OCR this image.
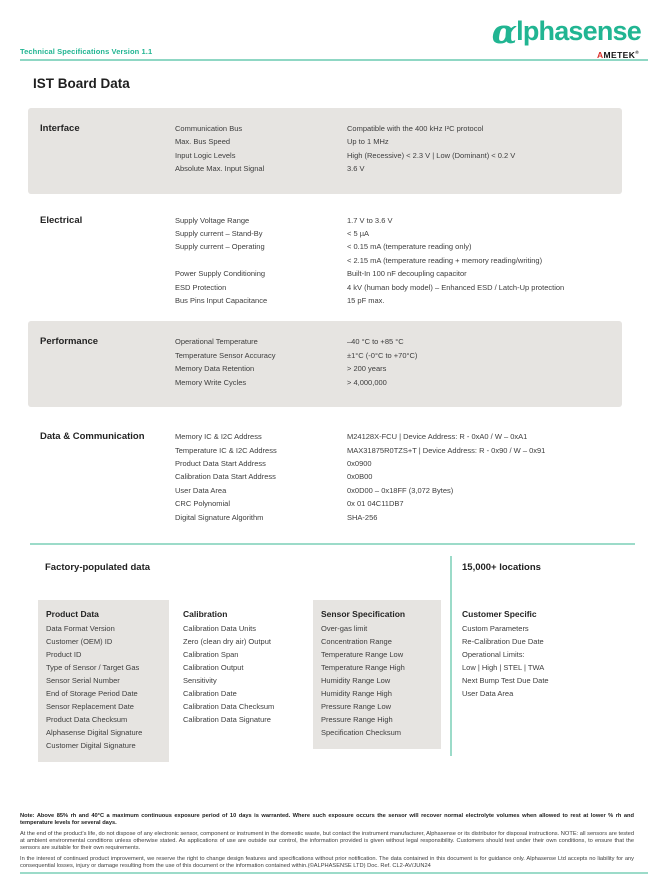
Technical Specifications Version 1.1
α lphasense
AMETEK®
IST Board Data
Interface	Communication Bus	Compatible with the 400 kHz I²C protocol
Max. Bus Speed	Up to 1 MHz
Input Logic Levels	High (Recessive) < 2.3 V | Low (Dominant) < 0.2 V
Absolute Max. Input Signal	3.6 V
Electrical	Supply Voltage Range	1.7 V to 3.6 V
Supply current – Stand-By	< 5 µA
Supply current – Operating	< 0.15 mA (temperature reading only)
< 2.15 mA (temperature reading + memory reading/writing)
Power Supply Conditioning	Built-In 100 nF decoupling capacitor
ESD Protection	4 kV (human body model) – Enhanced ESD / Latch-Up protection
Bus Pins Input Capacitance	15 pF max.
Performance	Operational Temperature	–40 °C to +85 °C
Temperature Sensor Accuracy	±1°C (-0°C to +70°C)
Memory Data Retention	> 200 years
Memory Write Cycles	> 4,000,000
Data & Communication	Memory IC & I2C Address	M24128X-FCU | Device Address: R - 0xA0 / W – 0xA1
Temperature IC & I2C Address	MAX31875R0TZS+T | Device Address: R - 0x90 / W – 0x91
Product Data Start Address	0x0900
Calibration Data Start Address	0x0B00
User Data Area	0x0D00 – 0x18FF (3,072 Bytes)
CRC Polynomial	0x 01 04C11DB7
Digital Signature Algorithm	SHA-256
Factory-populated data	15,000+ locations
Product Data
Data Format Version
Customer (OEM) ID
Product ID
Type of Sensor / Target Gas
Sensor Serial Number
End of Storage Period Date
Sensor Replacement Date
Product Data Checksum
Alphasense Digital Signature
Customer Digital Signature
Calibration
Calibration Data Units
Zero (clean dry air) Output
Calibration Span
Calibration Output
Sensitivity
Calibration Date
Calibration Data Checksum
Calibration Data Signature
Sensor Specification
Over-gas limit
Concentration Range
Temperature Range Low
Temperature Range High
Humidity Range Low
Humidity Range High
Pressure Range Low
Pressure Range High
Specification Checksum
Customer Specific
Custom Parameters
Re-Calibration Due Date
Operational Limits:
Low | High | STEL | TWA
Next Bump Test Due Date
User Data Area

Note: Above 85% rh and 40°C a maximum continuous exposure period of 10 days is warranted. Where such exposure occurs the sensor will recover normal electrolyte volumes when allowed to rest at lower % rh and temperature levels for several days.

At the end of the product's life, do not dispose of any electronic sensor, component or instrument in the domestic waste, but contact the instrument manufacturer, Alphasense or its distributor for disposal instructions. NOTE: all sensors are tested at ambient environmental conditions unless otherwise stated. As applications of use are outside our control, the information provided is given without legal responsibility. Customers should test under their own conditions, to ensure that the sensors are suitable for their own requirements.

In the interest of continued product improvement, we reserve the right to change design features and specifications without prior notification. The data contained in this document is for guidance only. Alphasense Ltd accepts no liability for any consequential losses, injury or damage resulting from the use of this document or the information contained within.(©ALPHASENSE LTD) Doc. Ref. CL2-AV/JUN24
